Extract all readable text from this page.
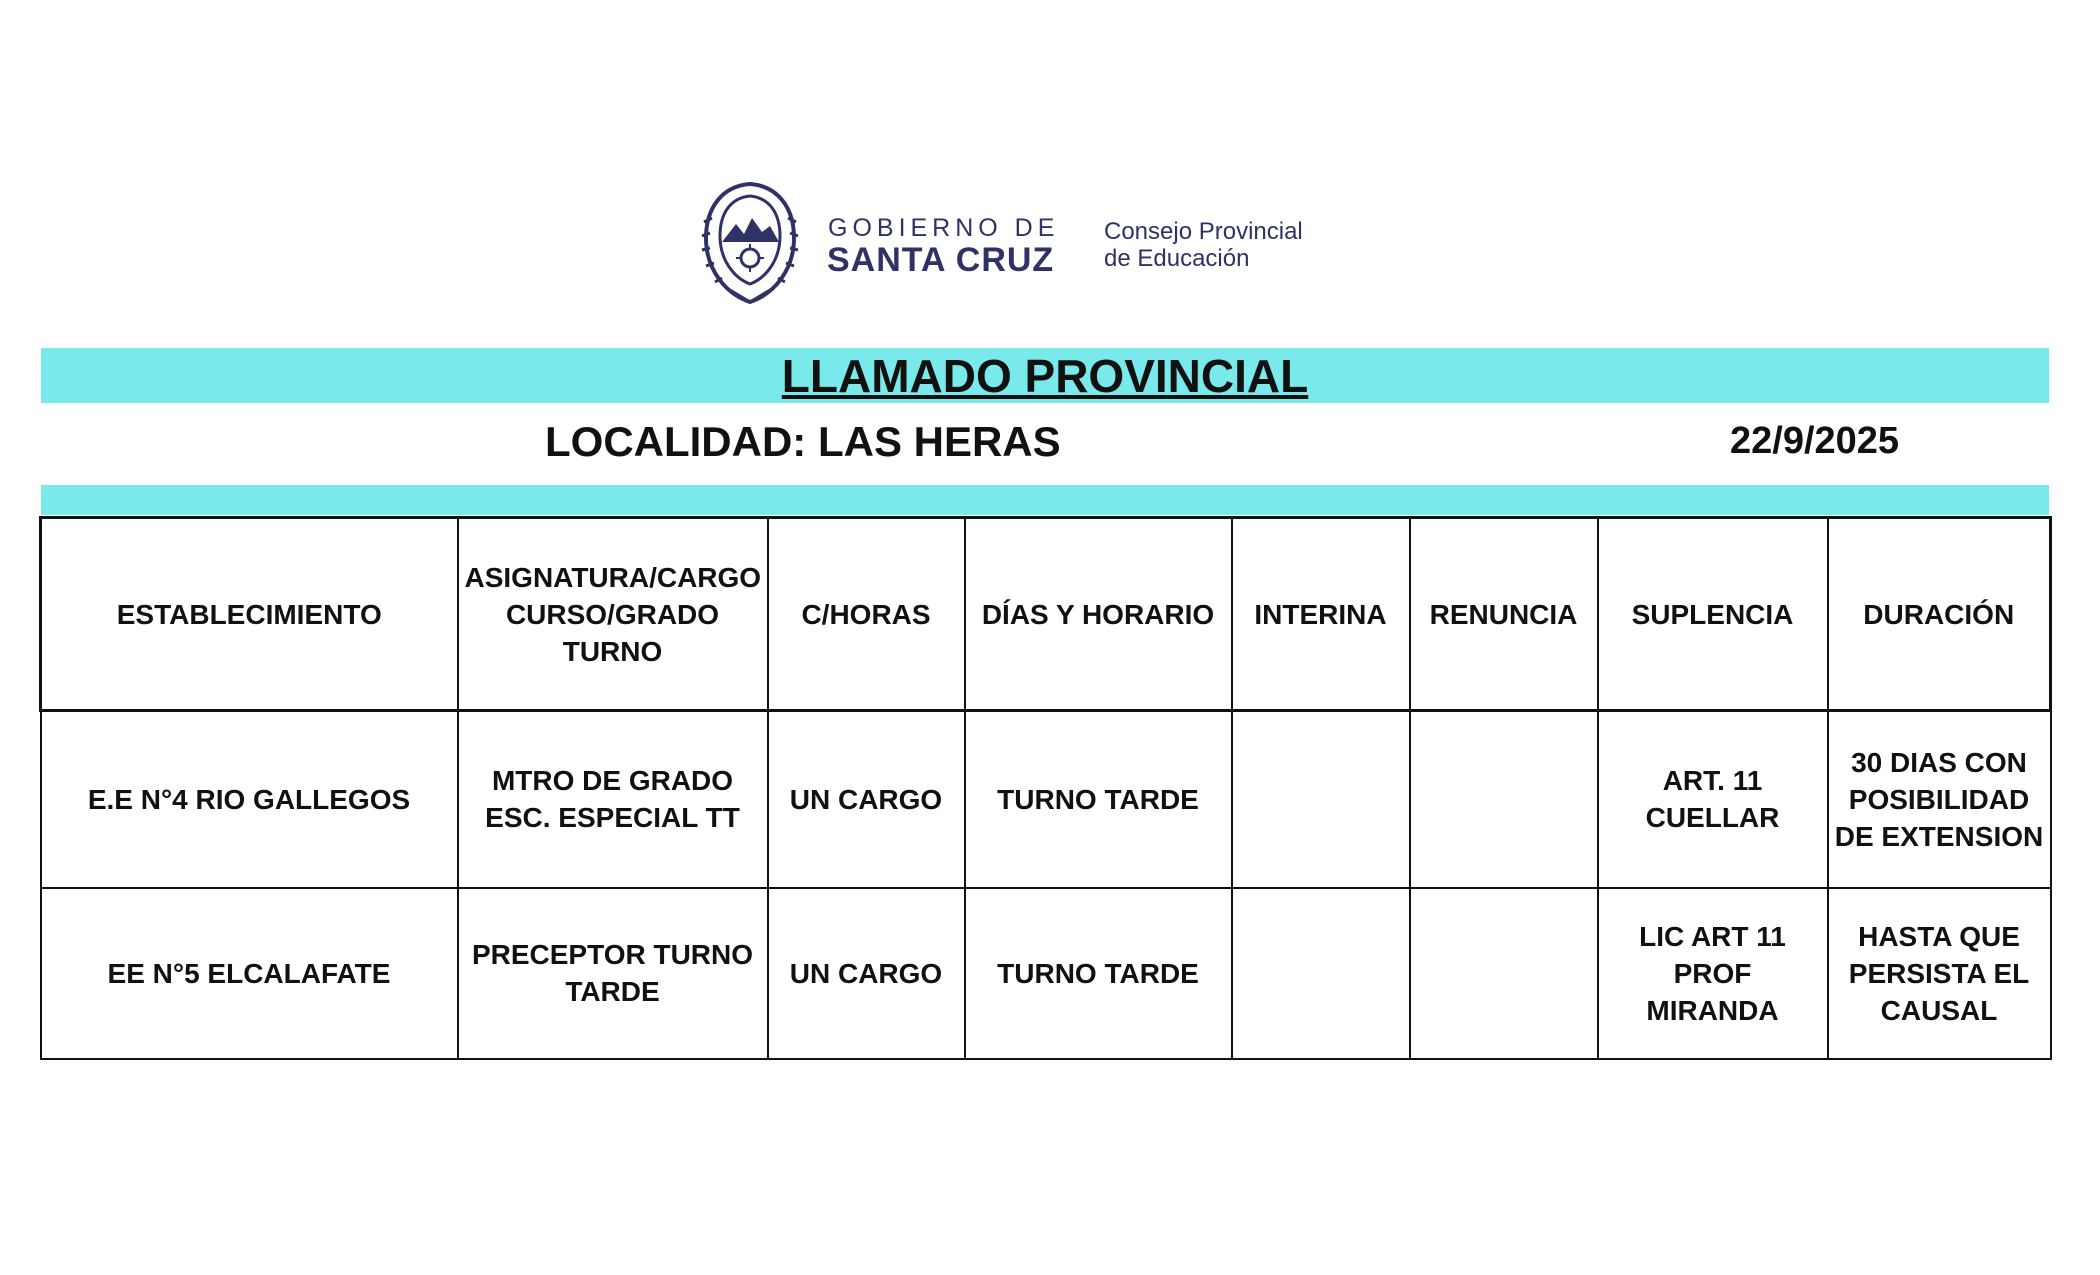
GOBIERNO DE
SANTA CRUZ
Consejo Provincial
de Educación
LLAMADO PROVINCIAL
LOCALIDAD: LAS HERAS	22/9/2025
ESTABLECIMIENTO	ASIGNATURA/CARGO CURSO/GRADO TURNO	C/HORAS	DÍAS Y HORARIO	INTERINA	RENUNCIA	SUPLENCIA	DURACIÓN
E.E N°4 RIO GALLEGOS	MTRO DE GRADO ESC. ESPECIAL TT	UN CARGO	TURNO TARDE			ART. 11 CUELLAR	30 DIAS CON POSIBILIDAD DE EXTENSION
EE N°5 ELCALAFATE	PRECEPTOR TURNO TARDE	UN CARGO	TURNO TARDE			LIC ART 11 PROF MIRANDA	HASTA QUE PERSISTA EL CAUSAL
